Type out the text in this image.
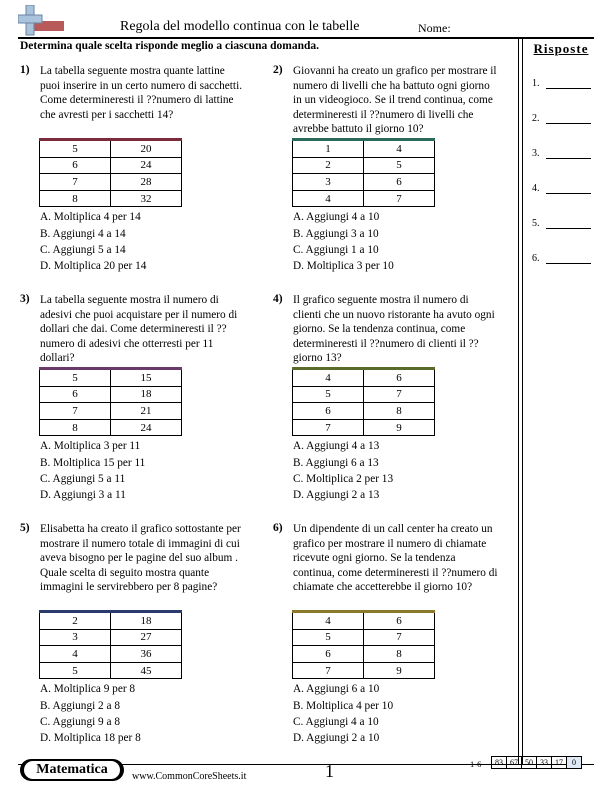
Regola del modello continua con le tabelle	Nome:
Determina quale scelta risponde meglio a ciascuna domanda.	Risposte
1.
2.
3.
4.
5.
6.
1) La tabella seguente mostra quante lattine puoi inserire in un certo numero di sacchetti. Come determineresti il ??numero di lattine che avresti per i sacchetti 14?
5	20
6	24
7	28
8	32
A. Moltiplica 4 per 14
B. Aggiungi 4 a 14
C. Aggiungi 5 a 14
D. Moltiplica 20 per 14
2) Giovanni ha creato un grafico per mostrare il numero di livelli che ha battuto ogni giorno in un videogioco. Se il trend continua, come determineresti il ??numero di livelli che avrebbe battuto il giorno 10?
1	4
2	5
3	6
4	7
A. Aggiungi 4 a 10
B. Aggiungi 3 a 10
C. Aggiungi 1 a 10
D. Moltiplica 3 per 10
3) La tabella seguente mostra il numero di adesivi che puoi acquistare per il numero di dollari che dai. Come determineresti il ??numero di adesivi che otterresti per 11 dollari?
5	15
6	18
7	21
8	24
A. Moltiplica 3 per 11
B. Moltiplica 15 per 11
C. Aggiungi 5 a 11
D. Aggiungi 3 a 11
4) Il grafico seguente mostra il numero di clienti che un nuovo ristorante ha avuto ogni giorno. Se la tendenza continua, come determineresti il ??numero di clienti il ??giorno 13?
4	6
5	7
6	8
7	9
A. Aggiungi 4 a 13
B. Aggiungi 6 a 13
C. Moltiplica 2 per 13
D. Aggiungi 2 a 13
5) Elisabetta ha creato il grafico sottostante per mostrare il numero totale di immagini di cui aveva bisogno per le pagine del suo album . Quale scelta di seguito mostra quante immagini le servirebbero per 8 pagine?
2	18
3	27
4	36
5	45
A. Moltiplica 9 per 8
B. Aggiungi 2 a 8
C. Aggiungi 9 a 8
D. Moltiplica 18 per 8
6) Un dipendente di un call center ha creato un grafico per mostrare il numero di chiamate ricevute ogni giorno. Se la tendenza continua, come determineresti il ??numero di chiamate che accetterebbe il giorno 10?
4	6
5	7
6	8
7	9
A. Aggiungi 6 a 10
B. Moltiplica 4 per 10
C. Aggiungi 4 a 10
D. Aggiungi 2 a 10
Matematica	www.CommonCoreSheets.it	1	1-6 83	67	50	33	17	0
